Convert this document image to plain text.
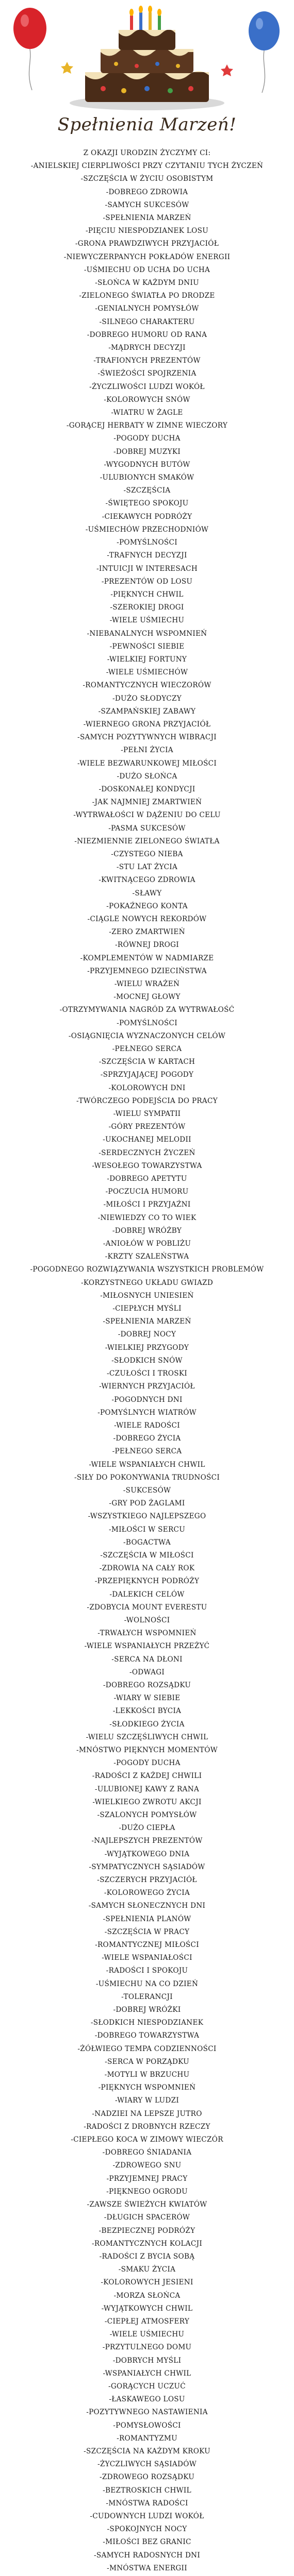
Spełnienia Marzeń!
Z OKAZJI URODZIN ŻYCZYMY CI:
-ANIELSKIEJ CIERPLIWOŚCI PRZY CZYTANIU TYCH ŻYCZEŃ
-SZCZĘŚCIA W ŻYCIU OSOBISTYM
-DOBREGO ZDROWIA
-SAMYCH SUKCESÓW
-SPEŁNIENIA MARZEŃ
-PIĘCIU NIESPODZIANEK LOSU
-GRONA PRAWDZIWYCH PRZYJACIÓŁ
-NIEWYCZERPANYCH POKŁADÓW ENERGII
-UŚMIECHU OD UCHA DO UCHA
-SŁOŃCA W KAŻDYM DNIU
-ZIELONEGO ŚWIATŁA PO DRODZE
-GENIALNYCH POMYSŁÓW
-SILNEGO CHARAKTERU
-DOBREGO HUMORU OD RANA
-MĄDRYCH DECYZJI
-TRAFIONYCH PREZENTÓW
-ŚWIEŻOŚCI SPOJRZENIA
-ŻYCZLIWOŚCI LUDZI WOKÓŁ
-KOLOROWYCH SNÓW
-WIATRU W ŻAGLE
-GORĄCEJ HERBATY W ZIMNE WIECZORY
-POGODY DUCHA
-DOBREJ MUZYKI
-WYGODNYCH BUTÓW
-ULUBIONYCH SMAKÓW
-SZCZĘŚCIA
-ŚWIĘTEGO SPOKOJU
-CIEKAWYCH PODRÓŻY
-UŚMIECHÓW PRZECHODNIÓW
-POMYŚLNOŚCI
-TRAFNYCH DECYZJI
-INTUICJI W INTERESACH
-PREZENTÓW OD LOSU
-PIĘKNYCH CHWIL
-SZEROKIEJ DROGI
-WIELE UŚMIECHU
-NIEBANALNYCH WSPOMNIEŃ
-PEWNOŚCI SIEBIE
-WIELKIEJ FORTUNY
-WIELE UŚMIECHÓW
-ROMANTYCZNYCH WIECZORÓW
-DUŻO SŁODYCZY
-SZAMPAŃSKIEJ ZABAWY
-WIERNEGO GRONA PRZYJACIÓŁ
-SAMYCH POZYTYWNYCH WIBRACJI
-PEŁNI ŻYCIA
-WIELE BEZWARUNKOWEJ MIŁOŚCI
-DUŻO SŁOŃCA
-DOSKONAŁEJ KONDYCJI
-JAK NAJMNIEJ ZMARTWIEŃ
-WYTRWAŁOŚCI W DĄŻENIU DO CELU
-PASMA SUKCESÓW
-NIEZMIENNIE ZIELONEGO ŚWIATŁA
-CZYSTEGO NIEBA
-STU LAT ŻYCIA
-KWITNĄCEGO ZDROWIA
-SŁAWY
-POKAŹNEGO KONTA
-CIĄGLE NOWYCH REKORDÓW
-ZERO ZMARTWIEŃ
-RÓWNEJ DROGI
-KOMPLEMENTÓW W NADMIARZE
-PRZYJEMNEGO DZIECIŃSTWA
-WIELU WRAŻEŃ
-MOCNEJ GŁOWY
-OTRZYMYWANIA NAGRÓD ZA WYTRWAŁOŚĆ
-POMYŚLNOŚCI
-OSIĄGNIĘCIA WYZNACZONYCH CELÓW
-PEŁNEGO SERCA
-SZCZĘŚCIA W KARTACH
-SPRZYJAJĄCEJ POGODY
-KOLOROWYCH DNI
-TWÓRCZEGO PODEJŚCIA DO PRACY
-WIELU SYMPATII
-GÓRY PREZENTÓW
-UKOCHANEJ MELODII
-SERDECZNYCH ŻYCZEŃ
-WESOŁEGO TOWARZYSTWA
-DOBREGO APETYTU
-POCZUCIA HUMORU
-MIŁOŚCI I PRZYJAŹNI
-NIEWIEDZY CO TO WIEK
-DOBREJ WRÓŻBY
-ANIOŁÓW W POBLIŻU
-KRZTY SZALEŃSTWA
-POGODNEGO ROZWIĄZYWANIA WSZYSTKICH PROBLEMÓW
-KORZYSTNEGO UKŁADU GWIAZD
-MIŁOSNYCH UNIESIEŃ
-CIEPŁYCH MYŚLI
-SPEŁNIENIA MARZEŃ
-DOBREJ NOCY
-WIELKIEJ PRZYGODY
-SŁODKICH SNÓW
-CZUŁOŚCI I TROSKI
-WIERNYCH PRZYJACIÓŁ
-POGODNYCH DNI
-POMYŚLNYCH WIATRÓW
-WIELE RADOŚCI
-DOBREGO ŻYCIA
-PEŁNEGO SERCA
-WIELE WSPANIAŁYCH CHWIL
-SIŁY DO POKONYWANIA TRUDNOŚCI
-SUKCESÓW
-GRY POD ŻAGLAMI
-WSZYSTKIEGO NAJLEPSZEGO
-MIŁOŚCI W SERCU
-BOGACTWA
-SZCZĘŚCIA W MIŁOŚCI
-ZDROWIA NA CAŁY ROK
-PRZEPIĘKNYCH PODRÓŻY
-DALEKICH CELÓW
-ZDOBYCIA MOUNT EVERESTU
-WOLNOŚCI
-TRWAŁYCH WSPOMNIEŃ
-WIELE WSPANIAŁYCH PRZEŻYĆ
-SERCA NA DŁONI
-ODWAGI
-DOBREGO ROZSĄDKU
-WIARY W SIEBIE
-LEKKOŚCI BYCIA
-SŁODKIEGO ŻYCIA
-WIELU SZCZĘŚLIWYCH CHWIL
-MNÓSTWO PIĘKNYCH MOMENTÓW
-POGODY DUCHA
-RADOŚCI Z KAŻDEJ CHWILI
-ULUBIONEJ KAWY Z RANA
-WIELKIEGO ZWROTU AKCJI
-SZALONYCH POMYSŁÓW
-DUŻO CIEPŁA
-NAJLEPSZYCH PREZENTÓW
-WYJĄTKOWEGO DNIA
-SYMPATYCZNYCH SĄSIADÓW
-SZCZERYCH PRZYJACIÓŁ
-KOLOROWEGO ŻYCIA
-SAMYCH SŁONECZNYCH DNI
-SPEŁNIENIA PLANÓW
-SZCZĘŚCIA W PRACY
-ROMANTYCZNEJ MIŁOŚCI
-WIELE WSPANIAŁOŚCI
-RADOŚCI I SPOKOJU
-UŚMIECHU NA CO DZIEŃ
-TOLERANCJI
-DOBREJ WRÓŻKI
-SŁODKICH NIESPODZIANEK
-DOBREGO TOWARZYSTWA
-ŻÓŁWIEGO TEMPA CODZIENNOŚCI
-SERCA W PORZĄDKU
-MOTYLI W BRZUCHU
-PIĘKNYCH WSPOMNIEŃ
-WIARY W LUDZI
-NADZIEI NA LEPSZE JUTRO
-RADOŚCI Z DROBNYCH RZECZY
-CIEPŁEGO KOCA W ZIMOWY WIECZÓR
-DOBREGO ŚNIADANIA
-ZDROWEGO SNU
-PRZYJEMNEJ PRACY
-PIĘKNEGO OGRODU
-ZAWSZE ŚWIEŻYCH KWIATÓW
-DŁUGICH SPACERÓW
-BEZPIECZNEJ PODRÓŻY
-ROMANTYCZNYCH KOLACJI
-RADOŚCI Z BYCIA SOBĄ
-SMAKU ŻYCIA
-KOLOROWYCH JESIENI
-MORZA SŁOŃCA
-WYJĄTKOWYCH CHWIL
-CIEPŁEJ ATMOSFERY
-WIELE UŚMIECHU
-PRZYTULNEGO DOMU
-DOBRYCH MYŚLI
-WSPANIAŁYCH CHWIL
-GORĄCYCH UCZUĆ
-ŁASKAWEGO LOSU
-POZYTYWNEGO NASTAWIENIA
-POMYSŁOWOŚCI
-ROMANTYZMU
-SZCZĘŚCIA NA KAŻDYM KROKU
-ŻYCZLIWYCH SĄSIADÓW
-ZDROWEGO ROZSĄDKU
-BEZTROSKICH CHWIL
-MNÓSTWA RADOŚCI
-CUDOWNYCH LUDZI WOKÓŁ
-SPOKOJNYCH NOCY
-MIŁOŚCI BEZ GRANIC
-SAMYCH RADOSNYCH DNI
-MNÓSTWA ENERGII
